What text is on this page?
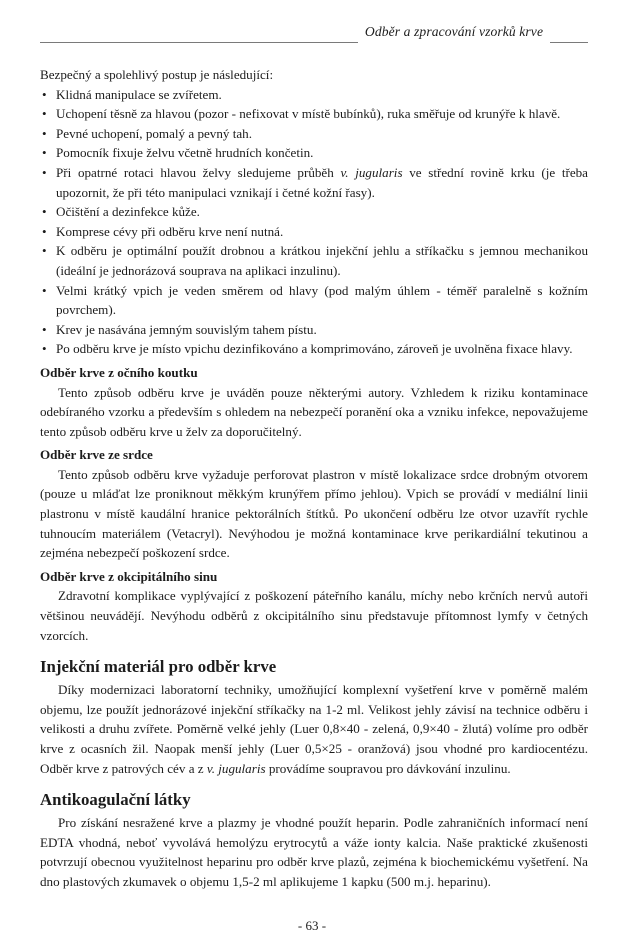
Odběr a zpracování vzorků krve

Bezpečný a spolehlivý postup je následující:

• Klidná manipulace se zvířetem.
• Uchopení těsně za hlavou (pozor - nefixovat v místě bubínků), ruka směřuje od krunýře k hlavě.
• Pevné uchopení, pomalý a pevný tah.
• Pomocník fixuje želvu včetně hrudních končetin.
• Při opatrné rotaci hlavou želvy sledujeme průběh v. jugularis ve střední rovině krku (je třeba upozornit, že při této manipulaci vznikají i četné kožní řasy).
• Očištění a dezinfekce kůže.
• Komprese cévy při odběru krve není nutná.
• K odběru je optimální použít drobnou a krátkou injekční jehlu a stříkačku s jemnou mechanikou (ideální je jednorázová souprava na aplikaci inzulinu).
• Velmi krátký vpich je veden směrem od hlavy (pod malým úhlem - téměř paralelně s kožním povrchem).
• Krev je nasávána jemným souvislým tahem pístu.
• Po odběru krve je místo vpichu dezinfikováno a komprimováno, zároveň je uvolněna fixace hlavy.
Odběr krve z očního koutku

Tento způsob odběru krve je uváděn pouze některými autory. Vzhledem k riziku kontaminace odebíraného vzorku a především s ohledem na nebezpečí poranění oka a vzniku infekce, nepovažujeme tento způsob odběru krve u želv za doporučitelný.

Odběr krve ze srdce

Tento způsob odběru krve vyžaduje perforovat plastron v místě lokalizace srdce drobným otvorem (pouze u mláďat lze proniknout měkkým krunýřem přímo jehlou). Vpich se provádí v mediální linii plastronu v místě kaudální hranice pektorálních štítků. Po ukončení odběru lze otvor uzavřít rychle tuhnoucím materiálem (Vetacryl). Nevýhodou je možná kontaminace krve perikardiální tekutinou a zejména nebezpečí poškození srdce.

Odběr krve z okcipitálního sinu

Zdravotní komplikace vyplývající z poškození páteřního kanálu, míchy nebo krčních nervů autoři většinou neuvádějí. Nevýhodu odběrů z okcipitálního sinu představuje přítomnost lymfy v četných vzorcích.

Injekční materiál pro odběr krve

Díky modernizaci laboratorní techniky, umožňující komplexní vyšetření krve v poměrně malém objemu, lze použít jednorázové injekční stříkačky na 1-2 ml. Velikost jehly závisí na technice odběru i velikosti a druhu zvířete. Poměrně velké jehly (Luer 0,8×40 - zelená, 0,9×40 - žlutá) volíme pro odběr krve z ocasních žil. Naopak menší jehly (Luer 0,5×25 - oranžová) jsou vhodné pro kardiocentézu. Odběr krve z patrových cév a z v. jugularis provádíme soupravou pro dávkování inzulinu.

Antikoagulační látky

Pro získání nesražené krve a plazmy je vhodné použít heparin. Podle zahraničních informací není EDTA vhodná, neboť vyvolává hemolýzu erytrocytů a váže ionty kalcia. Naše praktické zkušenosti potvrzují obecnou využitelnost heparinu pro odběr krve plazů, zejména k biochemickému vyšetření. Na dno plastových zkumavek o objemu 1,5-2 ml aplikujeme 1 kapku (500 m.j. heparinu).

- 63 -
